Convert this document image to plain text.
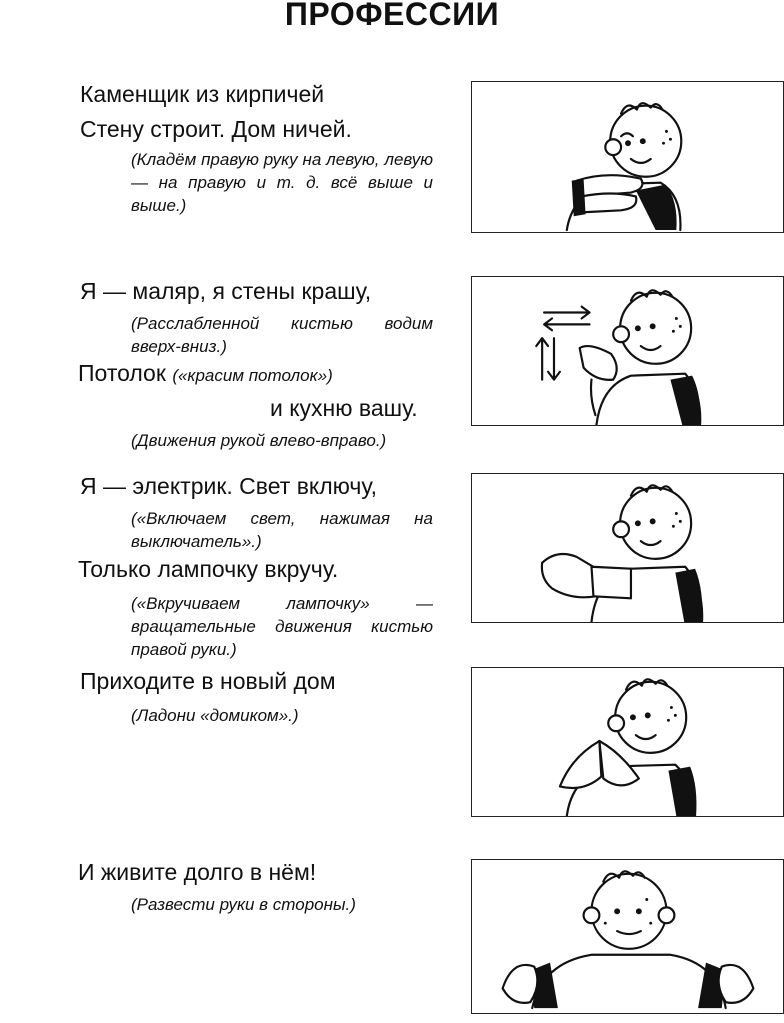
ПРОФЕССИИ
Каменщик из кирпичей
Стену строит. Дом ничей.
(Кладём правую руку на левую, левую — на правую и т. д. всё выше и выше.)
Я — маляр, я стены крашу,
(Расслабленной кистью водим вверх-вниз.)
Потолок («красим потолок»)
и кухню вашу.
(Движения рукой влево-вправо.)
Я — электрик. Свет включу,
(«Включаем свет, нажимая на выключатель».)
Только лампочку вкручу.
(«Вкручиваем лампочку» — вращательные движения кистью правой руки.)
Приходите в новый дом
(Ладони «домиком».)
И живите долго в нём!
(Развести руки в стороны.)
